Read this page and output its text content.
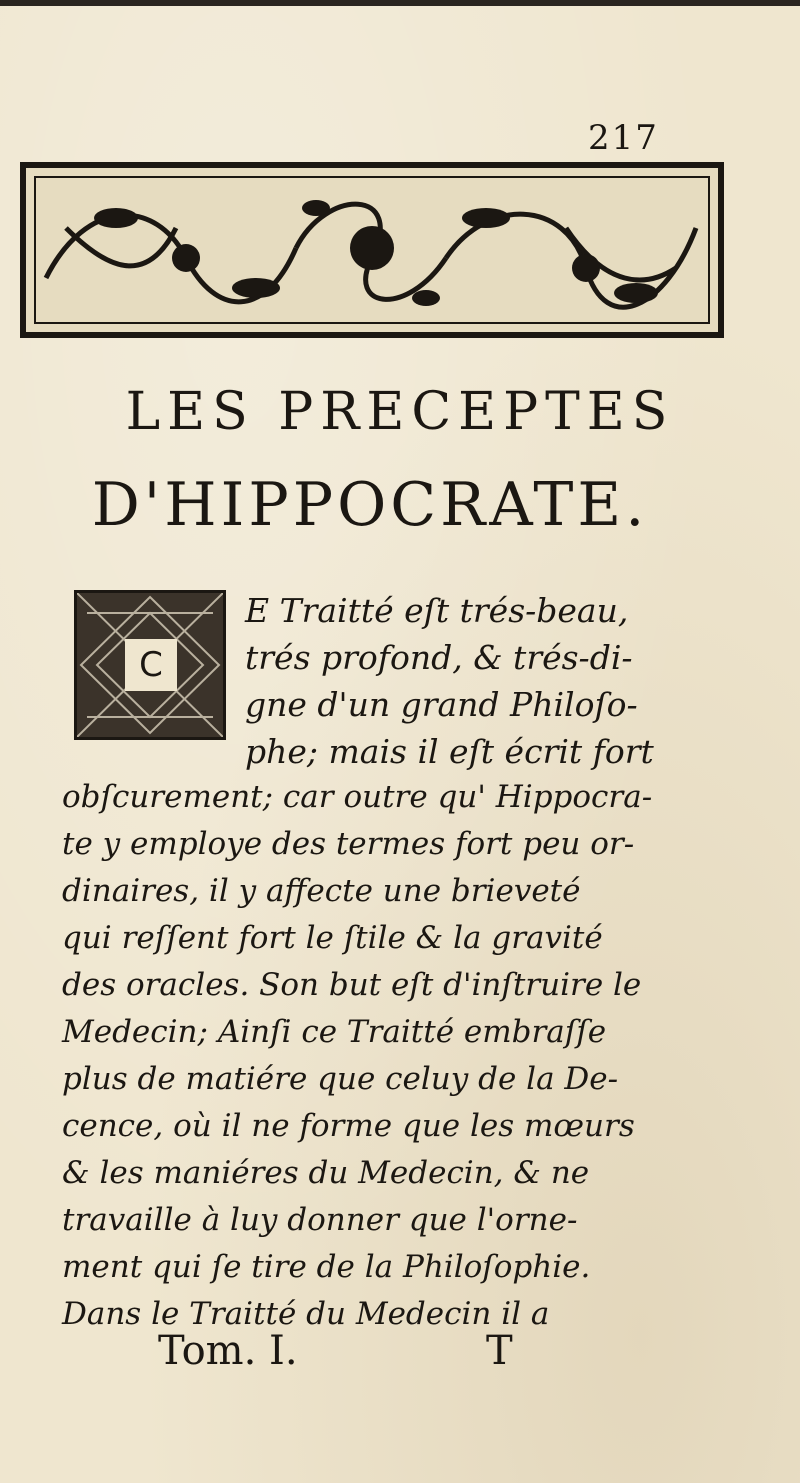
217
LES PRECEPTES
D'HIPPOCRATE.
C
E Traitté eſt trés-beau,
trés profond, & trés-di-
gne d'un grand Philoſo-
phe; mais il eſt écrit fort
obſcurement; car outre qu' Hippocra-
te y employe des termes fort peu or-
dinaires, il y affecte une brieveté
qui reſſent fort le ſtile & la gravité
des oracles. Son but eſt d'inſtruire le
Medecin; Ainſi ce Traitté embraſſe
plus de matiére que celuy de la De-
cence, où il ne forme que les mœurs
& les maniéres du Medecin, & ne
travaille à luy donner que l'orne-
ment qui ſe tire de la Philoſophie.
Dans le Traitté du Medecin il a
Tom. I.	T
